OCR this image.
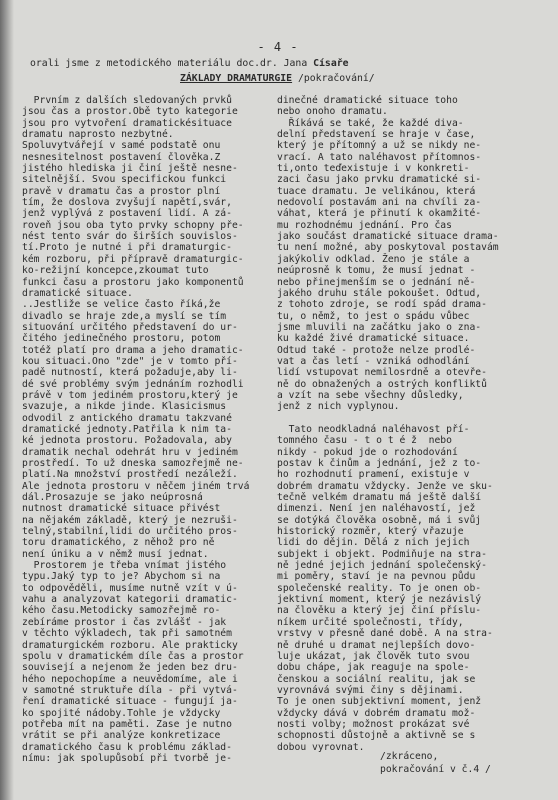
- 4 -
orali jsme z metodického materiálu doc.dr. Jana Císaře
ZÁKLADY DRAMATURGIE /pokračování/
Prvním z dalších sledovaných prvků
jsou čas a prostor.Obě tyto kategorie
jsou pro vytvoření dramatickésituace
dramatu naprosto nezbytné.
Spoluvytvářejí v samé podstatě onu
nesnesitelnost postavení člověka.Z
jistého hlediska ji činí ještě nesne-
sitelnější. Svou specifickou funkci
pravě v dramatu čas a prostor plní
tím, že doslova zvyšují napětí,svár,
jenž vyplývá z postavení lidí. A zá-
roveň jsou oba tyto prvky schopny pře-
nést tento svár do širších souvislos-
tí.Proto je nutné i při dramaturgic-
kém rozboru, při přípravě dramaturgic-
ko-režijní koncepce,zkoumat tuto
funkci času a prostoru jako komponentů
dramatické situace.
..Jestliže se velice často říká,že
divadlo se hraje zde,a myslí se tím
situování určitého představení do ur-
čitého jedinečného prostoru, potom
totéž platí pro drama a jeho dramatic-
kou situaci.Ono "zde" je v tomto pří-
padě nutností, která požaduje,aby li-
dé své problémy svým jednáním rozhodli
právě v tom jediném prostoru,který je
svazuje, a nikde jinde. Klasicismus
odvodil z antického dramatu takzvané
dramatické jednoty.Patřila k nim ta-
ké jednota prostoru. Požadovala, aby
dramatik nechal odehrát hru v jediném
prostředí. To už dneska samozřejmě ne-
platí.Na množství prostředí nezáleží.
Ale jednota prostoru v něčem jiném trvá
dál.Prosazuje se jako neúprosná
nutnost dramatické situace přivést
na nějakém základě, který je nezruši-
telný,stabilní,lidi do určitého pros-
toru dramatického, z něhož pro ně
není úniku a v němž musí jednat.
Prostorem je třeba vnímat jistého
typu.Jaký typ to je? Abychom si na
to odpověděli, musíme nutně vzít v ú-
vahu a analyzovat kategorii dramatic-
kého času.Metodicky samozřejmě ro-
zebíráme prostor i čas zvlášť - jak
v těchto výkladech, tak při samotném
dramaturgickém rozboru. Ale prakticky
spolu v dramatickém díle čas a prostor
souvisejí a nejenom že jeden bez dru-
hého nepochopíme a neuvědomíme, ale i
v samotné struktuře díla - při vytvá-
ření dramatické situace - fungují ja-
ko spojité nádoby.Tohle je vždycky
potřeba mít na paměti. Zase je nutno
vrátit se při analýze konkretizace
dramatického času k problému základ-
nímu: jak spolupůsobí při tvorbě je-
dinečné dramatické situace toho
nebo onoho dramatu.
Říkává se také, že každé diva-
delní představení se hraje v čase,
který je přítomný a už se nikdy ne-
vrací. A tato naléhavost přítomnos-
ti,onto teďexistuje i v konkreti-
zaci času jako prvku dramatické si-
tuace dramatu. Je velikánou, která
nedovolí postavám ani na chvíli za-
váhat, která je přinutí k okamžité-
mu rozhodnému jednání. Pro čas
jako součást dramatické situace drama-
tu není možné, aby poskytoval postavám
jakýkoliv odklad. Ženo je stále a
neúprosně k tomu, že musí jednat -
nebo přinejmenším se o jednání ně-
jakého druhu stále pokoušet. Odtud,
z tohoto zdroje, se rodí spád drama-
tu, o němž, to jest o spádu vůbec
jsme mluvili na začátku jako o zna-
ku každé živé dramatické situace.
Odtud také - protože nelze prodlé-
vat a čas letí - vzniká odhodlání
lidí vstupovat nemilosrdně a otevře-
ně do obnažených a ostrých konfliktů
a vzít na sebe všechny důsledky,
jenž z nich vyplynou.
Tato neodkladná naléhavost pří-
tomného času - t o t é ž  nebo
nikdy - pokud jde o rozhodování
postav k činům a jednání, jež z to-
ho rozhodnutí pramení, existuje v
dobrém dramatu vždycky. Jenže ve sku-
tečně velkém dramatu má ještě další
dimenzi. Není jen naléhavostí, jež
se dotýká člověka osobně, má i svůj
historický rozměr, který vřazuje
lidi do dějin. Dělá z nich jejich
subjekt i objekt. Podmiňuje na stra-
ně jedné jejich jednání společenský-
mi poměry, staví je na pevnou půdu
společenské reality. To je onen ob-
jektivní moment, který je nezávislý
na člověku a který jej činí příslu-
níkem určité společnosti, třídy,
vrstvy v přesně dané době. A na stra-
ně druhé u dramat nejlepších dovo-
luje ukázat, jak člověk tuto svou
dobu chápe, jak reaguje na spole-
čenskou a sociální realitu, jak se
vyrovnává svými činy s dějinami.
To je onen subjektivní moment, jenž
vždycky dává v dobrém dramatu mož-
nosti volby; možnost prokázat své
schopnosti důstojně a aktivně se s
dobou vyrovnat.
/zkráceno,
pokračování v č.4 /
